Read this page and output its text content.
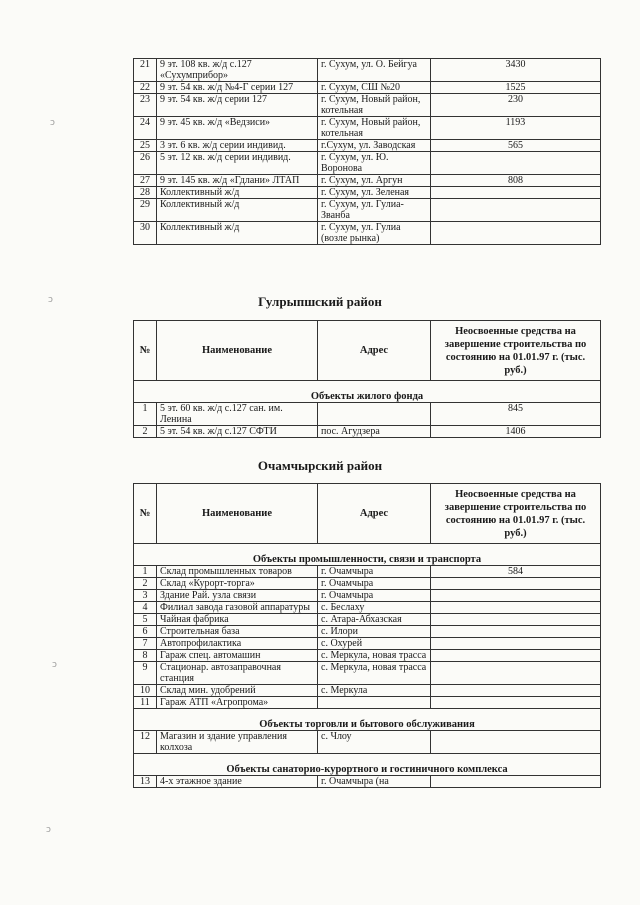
ɔ
ɔ
ɔ
ɔ
21	9 эт. 108 кв. ж/д с.127 «Сухумприбор»	г. Сухум, ул. О. Бейгуа	3430
22	9 эт. 54 кв. ж/д №4-Г серии 127	г. Сухум, СШ №20	1525
23	9 эт. 54 кв. ж/д серии 127	г. Сухум, Новый район, котельная	230
24	9 эт. 45 кв. ж/д «Ведзиси»	г. Сухум, Новый район, котельная	1193
25	3 эт. 6 кв. ж/д серии индивид.	г.Сухум, ул. Заводская	565
26	5 эт. 12 кв. ж/д серии индивид.	г. Сухум, ул. Ю. Воронова	
27	9 эт. 145 кв. ж/д «Гдлани» ЛТАП	г. Сухум, ул. Аргун	808
28	Коллективный ж/д	г. Сухум, ул. Зеленая	
29	Коллективный ж/д	г. Сухум, ул. Гулиа-Званба	
30	Коллективный ж/д	г. Сухум, ул. Гулиа (возле рынка)	
Гулрыпшский район
№	Наименование	Адрес	Неосвоенные средства на завершение строительства по состоянию на 01.01.97 г. (тыс. руб.)
Объекты жилого фонда			
1	5 эт. 60 кв. ж/д с.127 сан. им. Ленина		845
2	5 эт. 54 кв. ж/д с.127 СФТИ	пос. Агудзера	1406
Очамчырский район
№	Наименование	Адрес	Неосвоенные средства на завершение строительства по состоянию на 01.01.97 г. (тыс. руб.)
Объекты промышленности, связи и транспорта			
1	Склад промышленных товаров	г. Очамчыра	584
2	Склад «Курорт-торга»	г. Очамчыра	
3	Здание Рай. узла связи	г. Очамчыра	
4	Филиал завода газовой аппаратуры	с. Беслаху	
5	Чайная фабрика	с. Атара-Абхазская	
6	Строительная база	с. Илори	
7	Автопрофилактика	с. Охурей	
8	Гараж спец. автомашин	с. Меркула, новая трасса	
9	Стационар. автозаправочная станция	с. Меркула, новая трасса	
10	Склад мин. удобрений	с. Меркула	
11	Гараж АТП «Агропрома»		
Объекты торговли и бытового обслуживания			
12	Магазин и здание управления колхоза	с. Члоу	
Объекты санаторио-курортного и гостиничного комплекса			
13	4-х этажное здание	г. Очамчыра (на	
